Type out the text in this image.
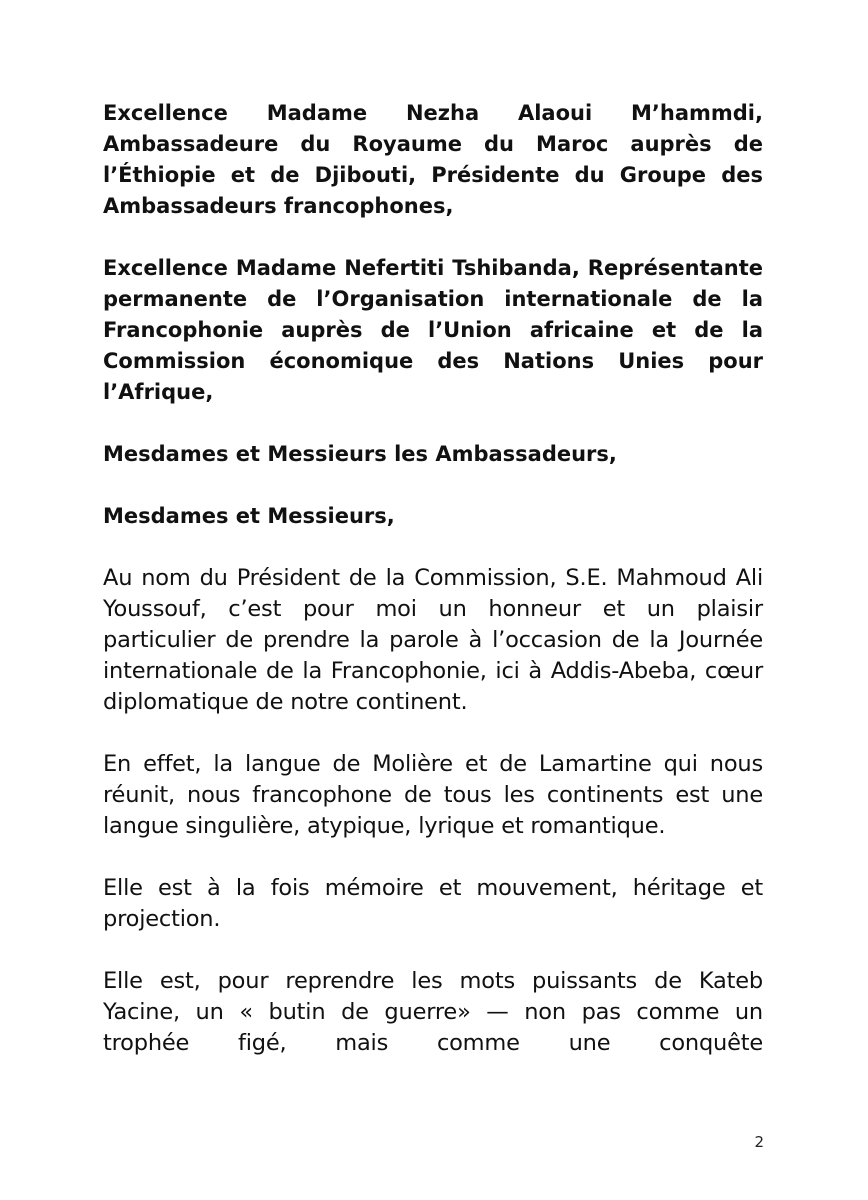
Excellence Madame Nezha Alaoui M’hammdi, Ambassadeure du Royaume du Maroc auprès de l’Éthiopie et de Djibouti, Présidente du Groupe des Ambassadeurs francophones,

Excellence Madame Nefertiti Tshibanda, Représentante permanente de l’Organisation internationale de la Francophonie auprès de l’Union africaine et de la Commission économique des Nations Unies pour l’Afrique,

Mesdames et Messieurs les Ambassadeurs,

Mesdames et Messieurs,

Au nom du Président de la Commission, S.E. Mahmoud Ali Youssouf, c’est pour moi un honneur et un plaisir particulier de prendre la parole à l’occasion de la Journée internationale de la Francophonie, ici à Addis-Abeba, cœur diplomatique de notre continent.

En effet, la langue de Molière et de Lamartine qui nous réunit, nous francophone de tous les continents est une langue singulière, atypique, lyrique et romantique.

Elle est à la fois mémoire et mouvement, héritage et projection.

Elle est, pour reprendre les mots puissants de Kateb Yacine, un « butin de guerre» — non pas comme un trophée figé, mais comme une conquête

2
